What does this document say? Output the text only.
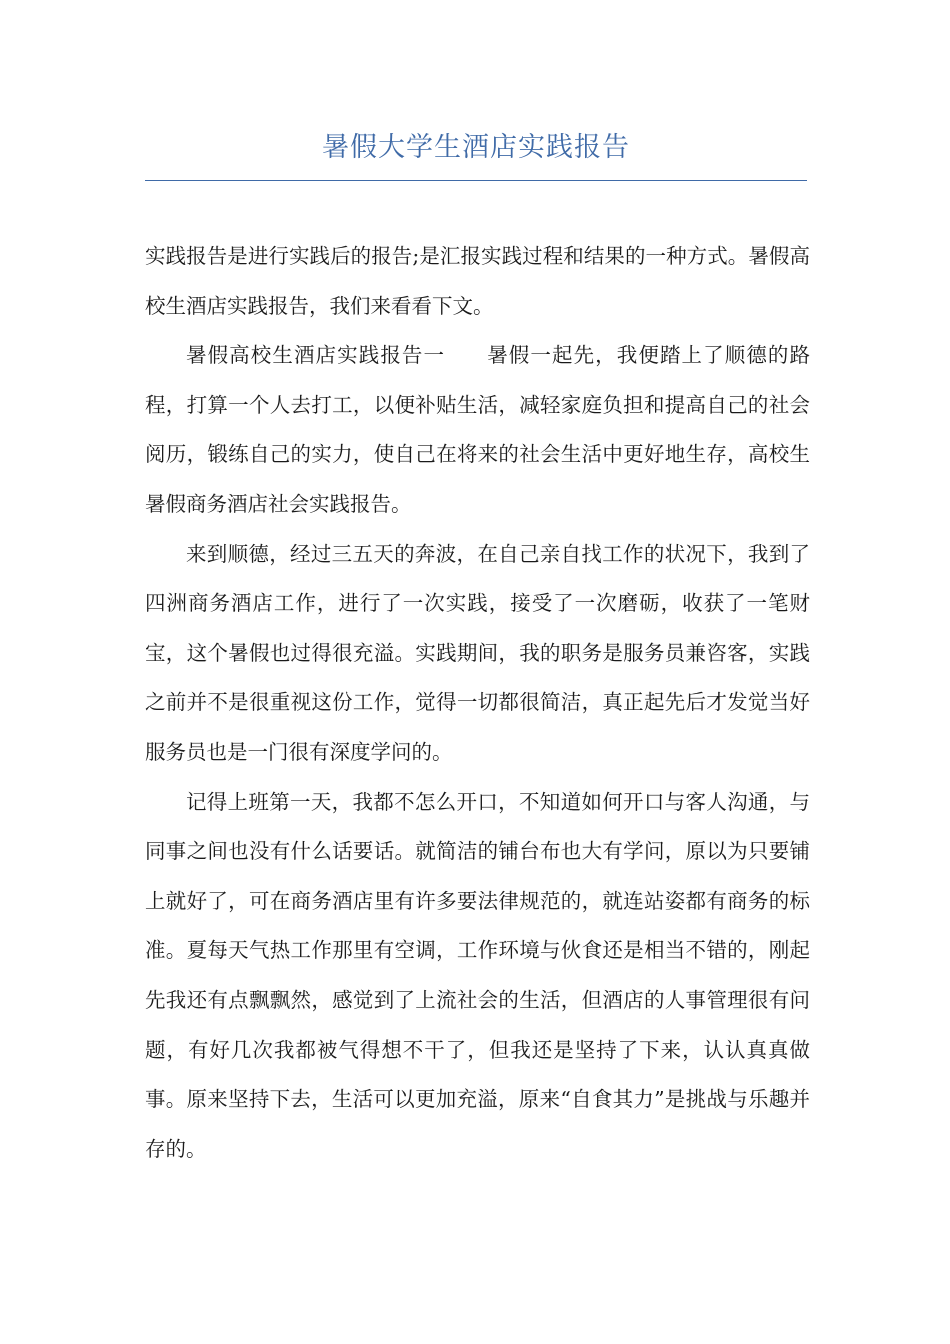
暑假大学生酒店实践报告

实践报告是进行实践后的报告;是汇报实践过程和结果的一种方式。暑假高校生酒店实践报告，我们来看看下文。

暑假高校生酒店实践报告一 暑假一起先，我便踏上了顺德的路程，打算一个人去打工，以便补贴生活，减轻家庭负担和提高自己的社会阅历，锻练自己的实力，使自己在将来的社会生活中更好地生存，高校生暑假商务酒店社会实践报告。

来到顺德，经过三五天的奔波，在自己亲自找工作的状况下，我到了四洲商务酒店工作，进行了一次实践，接受了一次磨砺，收获了一笔财宝，这个暑假也过得很充溢。实践期间，我的职务是服务员兼咨客，实践之前并不是很重视这份工作，觉得一切都很简洁，真正起先后才发觉当好服务员也是一门很有深度学问的。

记得上班第一天，我都不怎么开口，不知道如何开口与客人沟通，与同事之间也没有什么话要话。就简洁的铺台布也大有学问，原以为只要铺上就好了，可在商务酒店里有许多要法律规范的，就连站姿都有商务的标准。夏每天气热工作那里有空调，工作环境与伙食还是相当不错的，刚起先我还有点飘飘然，感觉到了上流社会的生活，但酒店的人事管理很有问题，有好几次我都被气得想不干了，但我还是坚持了下来，认认真真做事。原来坚持下去，生活可以更加充溢，原来“自食其力”是挑战与乐趣并存的。
